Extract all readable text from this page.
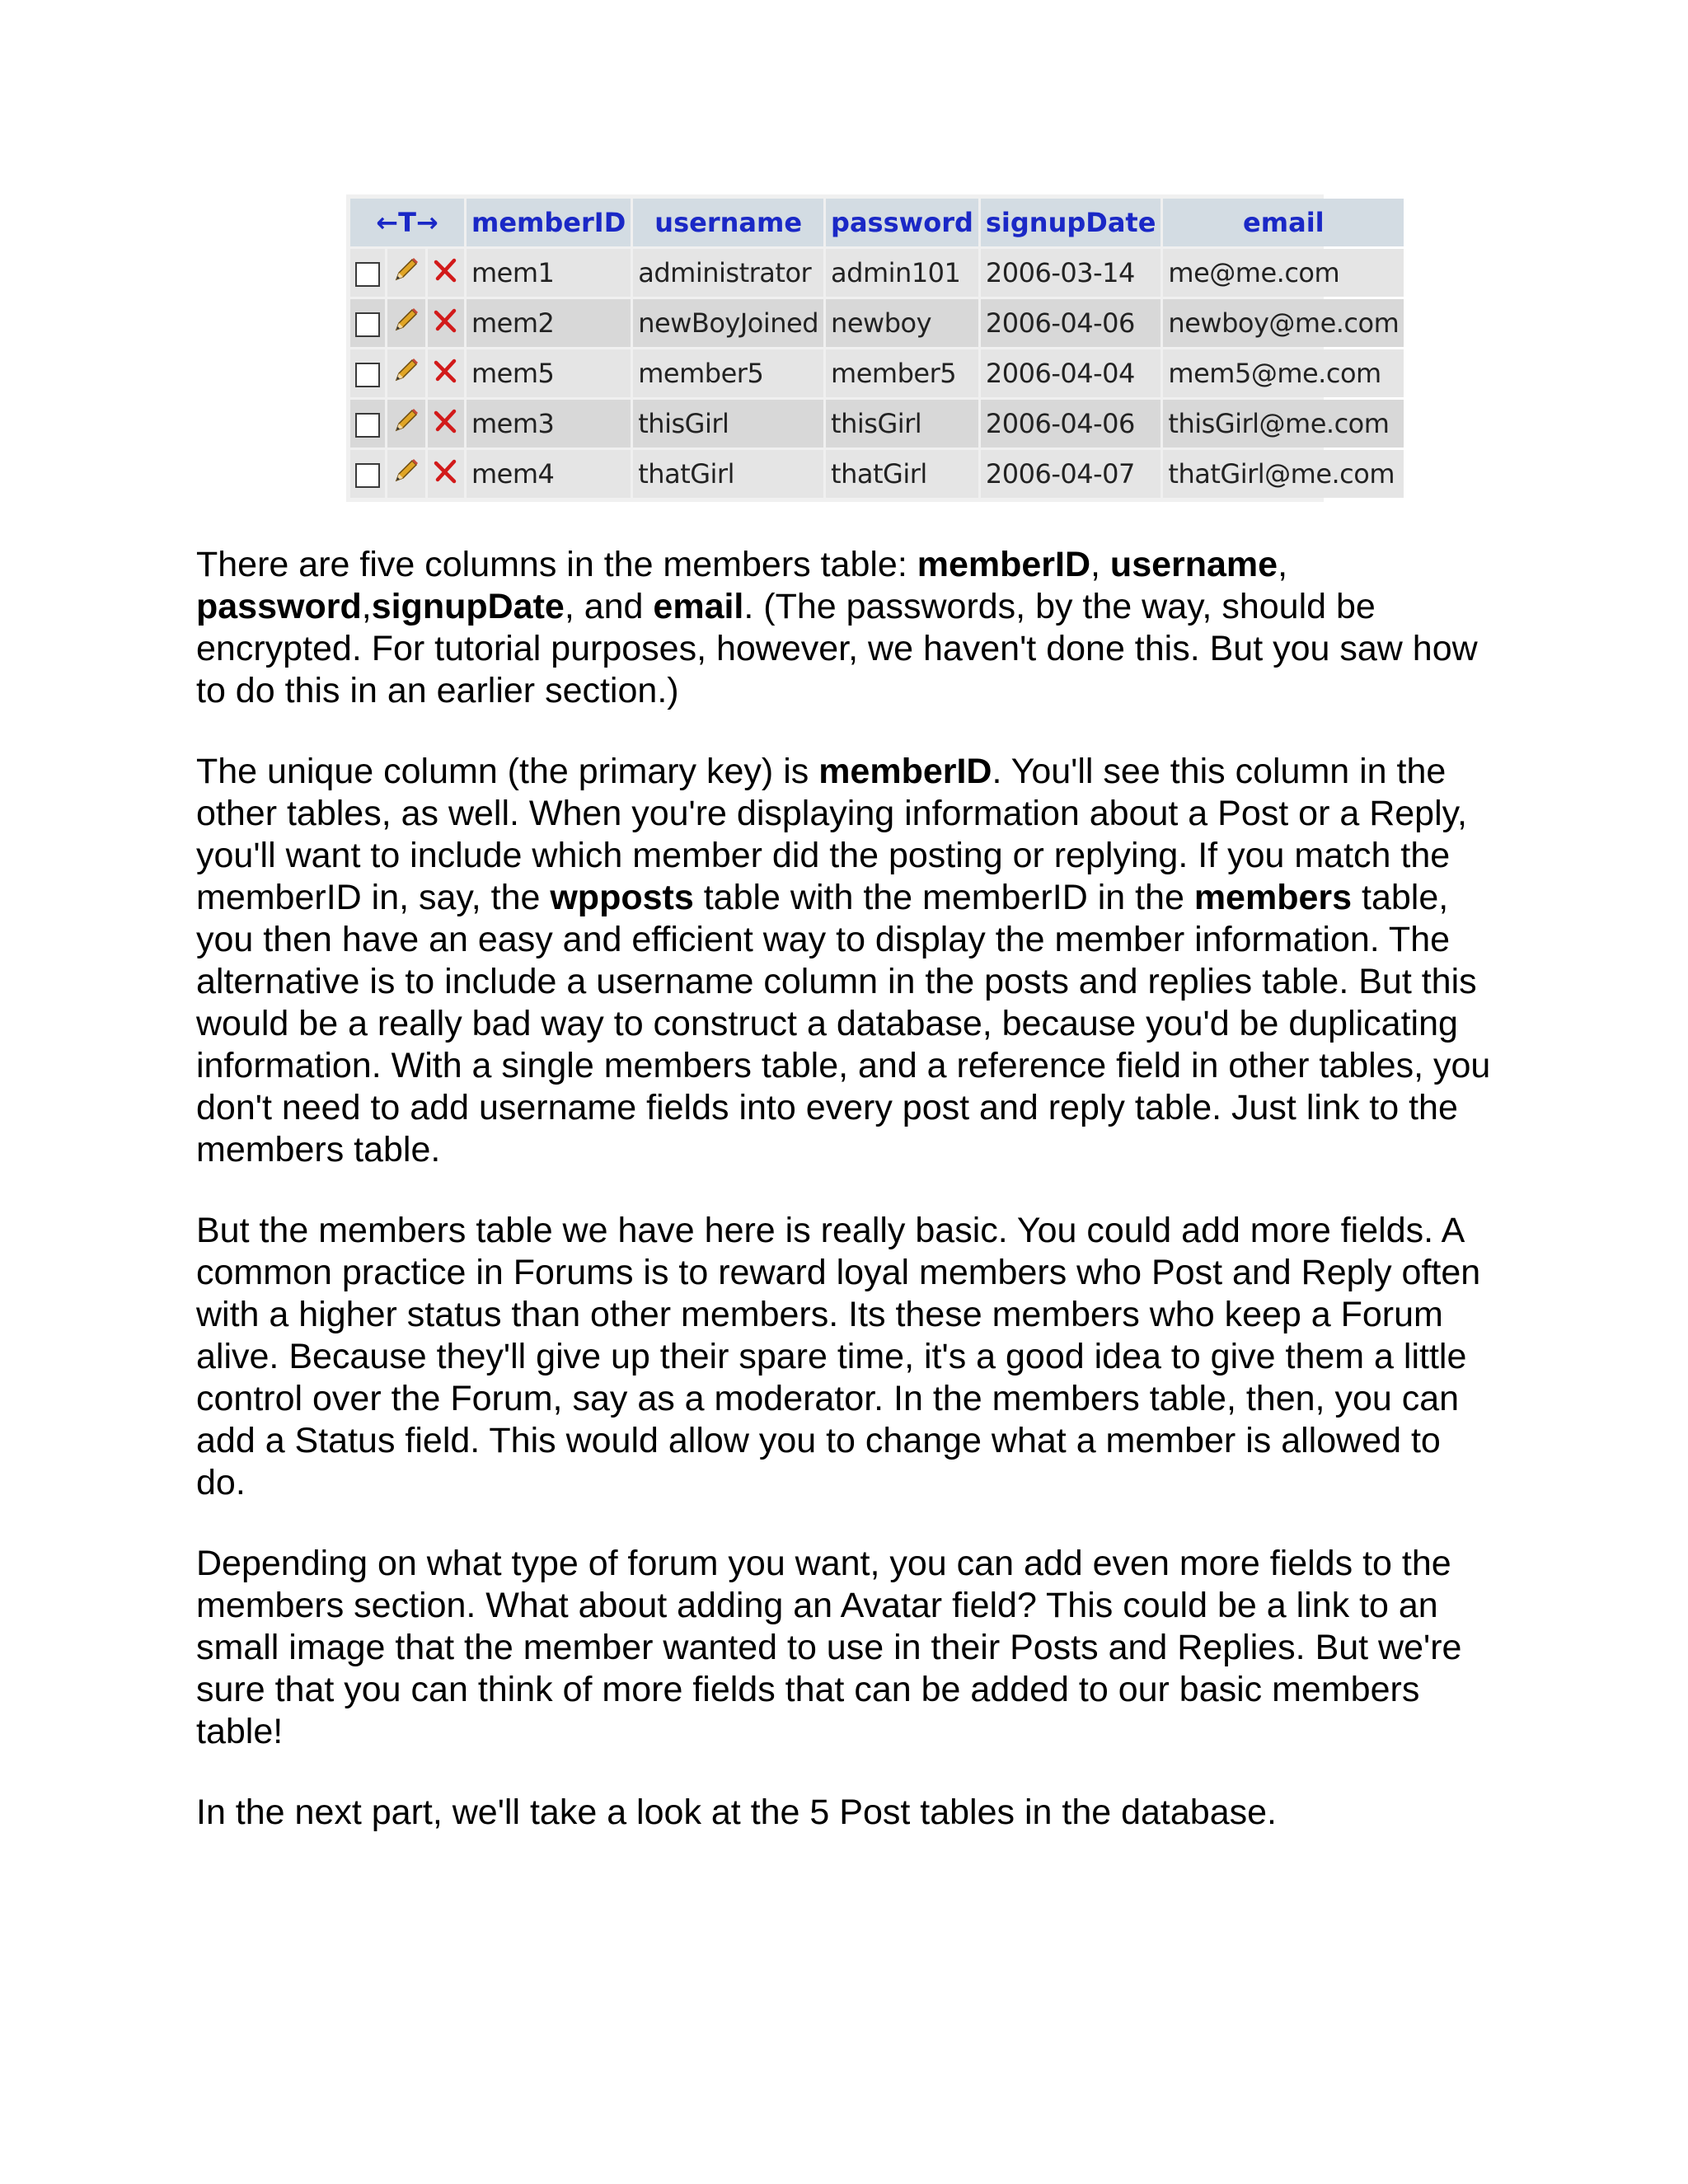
←T→			memberID	username	password	signupDate	email
			mem1	administrator	admin101	2006-03-14	me@me.com
			mem2	newBoyJoined	newboy	2006-04-06	newboy@me.com
			mem5	member5	member5	2006-04-04	mem5@me.com
			mem3	thisGirl	thisGirl	2006-04-06	thisGirl@me.com
			mem4	thatGirl	thatGirl	2006-04-07	thatGirl@me.com

There are five columns in the members table: memberID, username, password,signupDate, and email. (The passwords, by the way, should be encrypted. For tutorial purposes, however, we haven't done this. But you saw how to do this in an earlier section.)

The unique column (the primary key) is memberID. You'll see this column in the other tables, as well. When you're displaying information about a Post or a Reply, you'll want to include which member did the posting or replying. If you match the memberID in, say, the wpposts table with the memberID in the members table, you then have an easy and efficient way to display the member information. The alternative is to include a username column in the posts and replies table. But this would be a really bad way to construct a database, because you'd be duplicating information. With a single members table, and a reference field in other tables, you don't need to add username fields into every post and reply table. Just link to the members table.

But the members table we have here is really basic. You could add more fields. A common practice in Forums is to reward loyal members who Post and Reply often with a higher status than other members. Its these members who keep a Forum alive. Because they'll give up their spare time, it's a good idea to give them a little control over the Forum, say as a moderator. In the members table, then, you can add a Status field. This would allow you to change what a member is allowed to do.

Depending on what type of forum you want, you can add even more fields to the members section. What about adding an Avatar field? This could be a link to an small image that the member wanted to use in their Posts and Replies. But we're sure that you can think of more fields that can be added to our basic members table!

In the next part, we'll take a look at the 5 Post tables in the database.
